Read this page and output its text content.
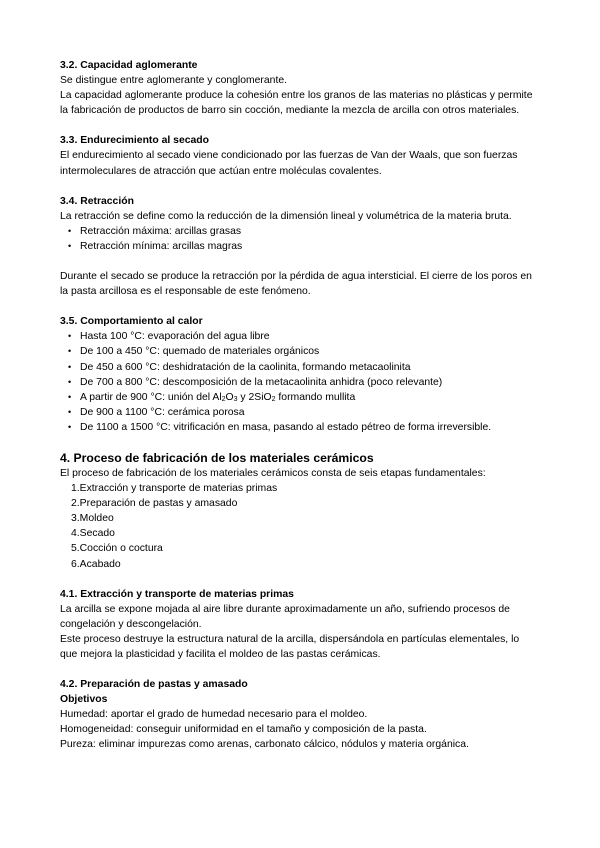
3.2. Capacidad aglomerante

Se distingue entre aglomerante y conglomerante.

La capacidad aglomerante produce la cohesión entre los granos de las materias no plásticas y permite la fabricación de productos de barro sin cocción, mediante la mezcla de arcilla con otros materiales.

3.3. Endurecimiento al secado

El endurecimiento al secado viene condicionado por las fuerzas de Van der Waals, que son fuerzas intermoleculares de atracción que actúan entre moléculas covalentes.

3.4. Retracción

La retracción se define como la reducción de la dimensión lineal y volumétrica de la materia bruta.

• Retracción máxima: arcillas grasas
• Retracción mínima: arcillas magras

Durante el secado se produce la retracción por la pérdida de agua intersticial. El cierre de los poros en la pasta arcillosa es el responsable de este fenómeno.

3.5. Comportamiento al calor
• Hasta 100 °C: evaporación del agua libre
• De 100 a 450 °C: quemado de materiales orgánicos
• De 450 a 600 °C: deshidratación de la caolinita, formando metacaolinita
• De 700 a 800 °C: descomposición de la metacaolinita anhidra (poco relevante)
• A partir de 900 °C: unión del $Al_2O_3$ y 2SiO$_2$ formando mullita
• De 900 a 1100 °C: cerámica porosa
• De 1100 a 1500 °C: vitrificación en masa, pasando al estado pétreo de forma irreversible.
4. Proceso de fabricación de los materiales cerámicos

El proceso de fabricación de los materiales cerámicos consta de seis etapas fundamentales:

1.Extracción y transporte de materias primas
2.Preparación de pastas y amasado
3.Moldeo
4.Secado
5.Cocción o coctura
6.Acabado
4.1. Extracción y transporte de materias primas

La arcilla se expone mojada al aire libre durante aproximadamente un año, sufriendo procesos de congelación y descongelación.

Este proceso destruye la estructura natural de la arcilla, dispersándola en partículas elementales, lo que mejora la plasticidad y facilita el moldeo de las pastas cerámicas.

4.2. Preparación de pastas y amasado
Objetivos

Humedad: aportar el grado de humedad necesario para el moldeo.

Homogeneidad: conseguir uniformidad en el tamaño y composición de la pasta.

Pureza: eliminar impurezas como arenas, carbonato cálcico, nódulos y materia orgánica.
